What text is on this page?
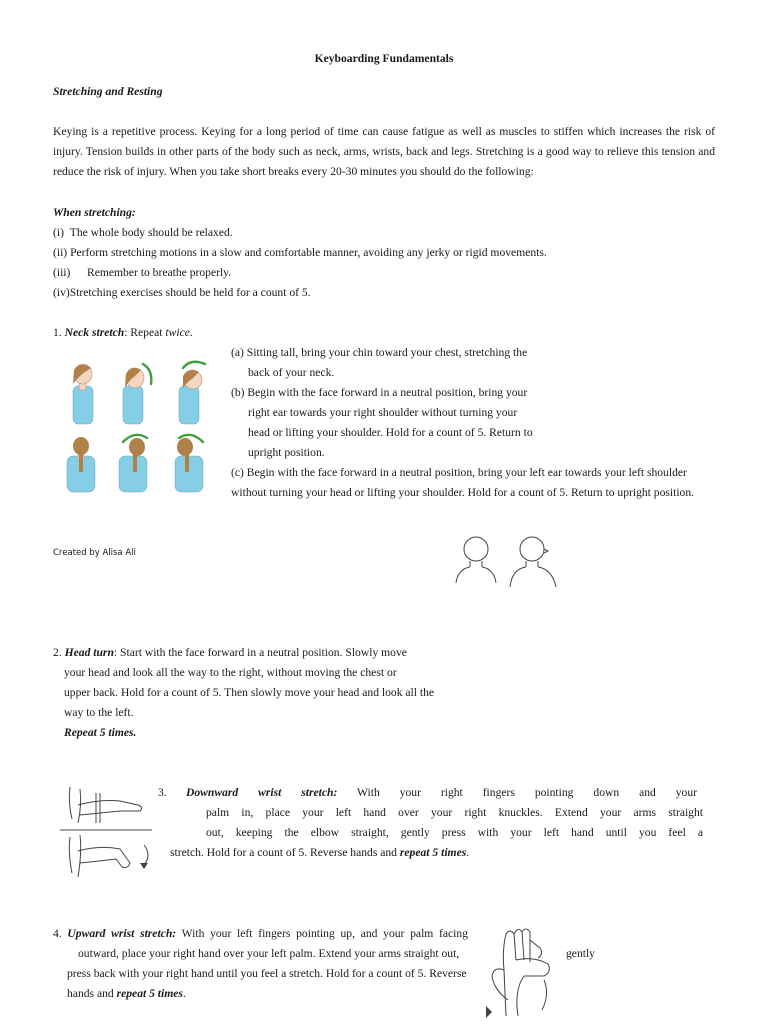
Keyboarding Fundamentals
Stretching and Resting
Keying is a repetitive process. Keying for a long period of time can cause fatigue as well as muscles to stiffen which increases the risk of injury. Tension builds in other parts of the body such as neck, arms, wrists, back and legs. Stretching is a good way to relieve this tension and reduce the risk of injury. When you take short breaks every 20-30 minutes you should do the following:
When stretching:
(i) The whole body should be relaxed.
(ii) Perform stretching motions in a slow and comfortable manner, avoiding any jerky or rigid movements.
(iii) Remember to breathe properly.
(iv)Stretching exercises should be held for a count of 5.
1. Neck stretch: Repeat twice.
(a) Sitting tall, bring your chin toward your chest, stretching the
back of your neck.
(b) Begin with the face forward in a neutral position, bring your
right ear towards your right shoulder without turning your
head or lifting your shoulder. Hold for a count of 5. Return to
upright position.
(c) Begin with the face forward in a neutral position, bring your left ear towards your left shoulder
without turning your head or lifting your shoulder. Hold for a count of 5. Return to upright position.
Created by Alisa Ali
2. Head turn: Start with the face forward in a neutral position. Slowly move
your head and look all the way to the right, without moving the chest or
upper back. Hold for a count of 5. Then slowly move your head and look all the
way to the left.
Repeat 5 times.
3. Downward wrist stretch: With your right fingers pointing down and your
palm in, place your left hand over your right knuckles. Extend your arms straight
out, keeping the elbow straight, gently press with your left hand until you feel a
stretch. Hold for a count of 5. Reverse hands and repeat 5 times.
4. Upward wrist stretch: With your left fingers pointing up, and your palm facing
outward, place your right hand over your left palm. Extend your arms straight out,	gently
press back with your right hand until you feel a stretch. Hold for a count of 5. Reverse
hands and repeat 5 times.
